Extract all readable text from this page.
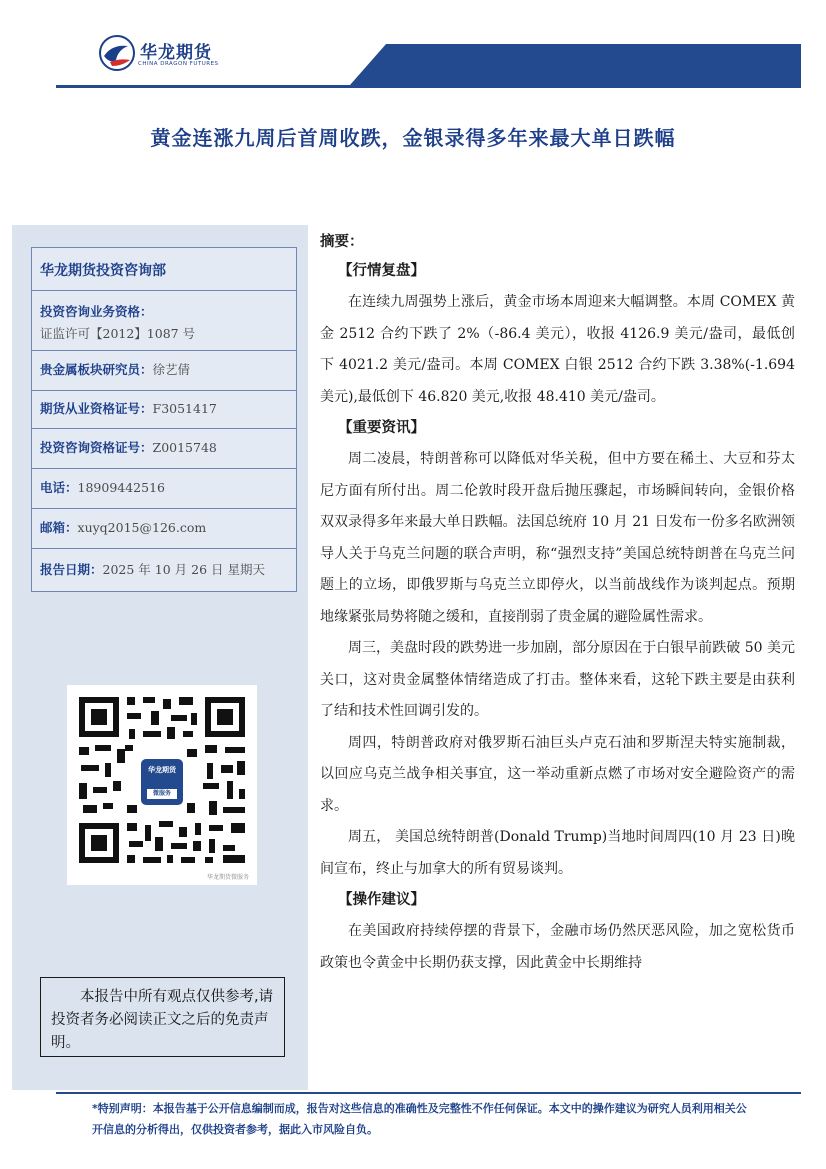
华龙期货
CHINA DRAGON FUTURES
贵金属周报
黄金连涨九周后首周收跌，金银录得多年来最大单日跌幅
华龙期货投资咨询部
投资咨询业务资格：
证监许可【2012】1087 号
贵金属板块研究员：徐艺倩
期货从业资格证号：F3051417
投资咨询资格证号：Z0015748
电话：18909442516
邮箱：xuyq2015@126.com
报告日期：2025 年 10 月 26 日 星期天
华龙期货
微服务
华龙期货微服务
本报告中所有观点仅供参考,请投资者务必阅读正文之后的免责声明。
摘要：
【行情复盘】
在连续九周强势上涨后，黄金市场本周迎来大幅调整。本周 COMEX 黄金 2512 合约下跌了 2%（-86.4 美元），收报 4126.9 美元/盎司，最低创下 4021.2 美元/盎司。本周 COMEX 白银 2512 合约下跌 3.38%(-1.694 美元),最低创下 46.820 美元,收报 48.410 美元/盎司。
【重要资讯】
周二凌晨，特朗普称可以降低对华关税，但中方要在稀土、大豆和芬太尼方面有所付出。周二伦敦时段开盘后抛压骤起，市场瞬间转向，金银价格双双录得多年来最大单日跌幅。法国总统府 10 月 21 日发布一份多名欧洲领导人关于乌克兰问题的联合声明，称“强烈支持”美国总统特朗普在乌克兰问题上的立场，即俄罗斯与乌克兰立即停火，以当前战线作为谈判起点。预期地缘紧张局势将随之缓和，直接削弱了贵金属的避险属性需求。
周三，美盘时段的跌势进一步加剧，部分原因在于白银早前跌破 50 美元关口，这对贵金属整体情绪造成了打击。整体来看，这轮下跌主要是由获利了结和技术性回调引发的。
周四，特朗普政府对俄罗斯石油巨头卢克石油和罗斯涅夫特实施制裁，以回应乌克兰战争相关事宜，这一举动重新点燃了市场对安全避险资产的需求。
周五， 美国总统特朗普(Donald Trump)当地时间周四(10 月 23 日)晚间宣布，终止与加拿大的所有贸易谈判。
【操作建议】
在美国政府持续停摆的背景下，金融市场仍然厌恶风险，加之宽松货币政策也令黄金中长期仍获支撑，因此黄金中长期维持
*特别声明：本报告基于公开信息编制而成，报告对这些信息的准确性及完整性不作任何保证。本文中的操作建议为研究人员利用相关公开信息的分析得出，仅供投资者参考，据此入市风险自负。
